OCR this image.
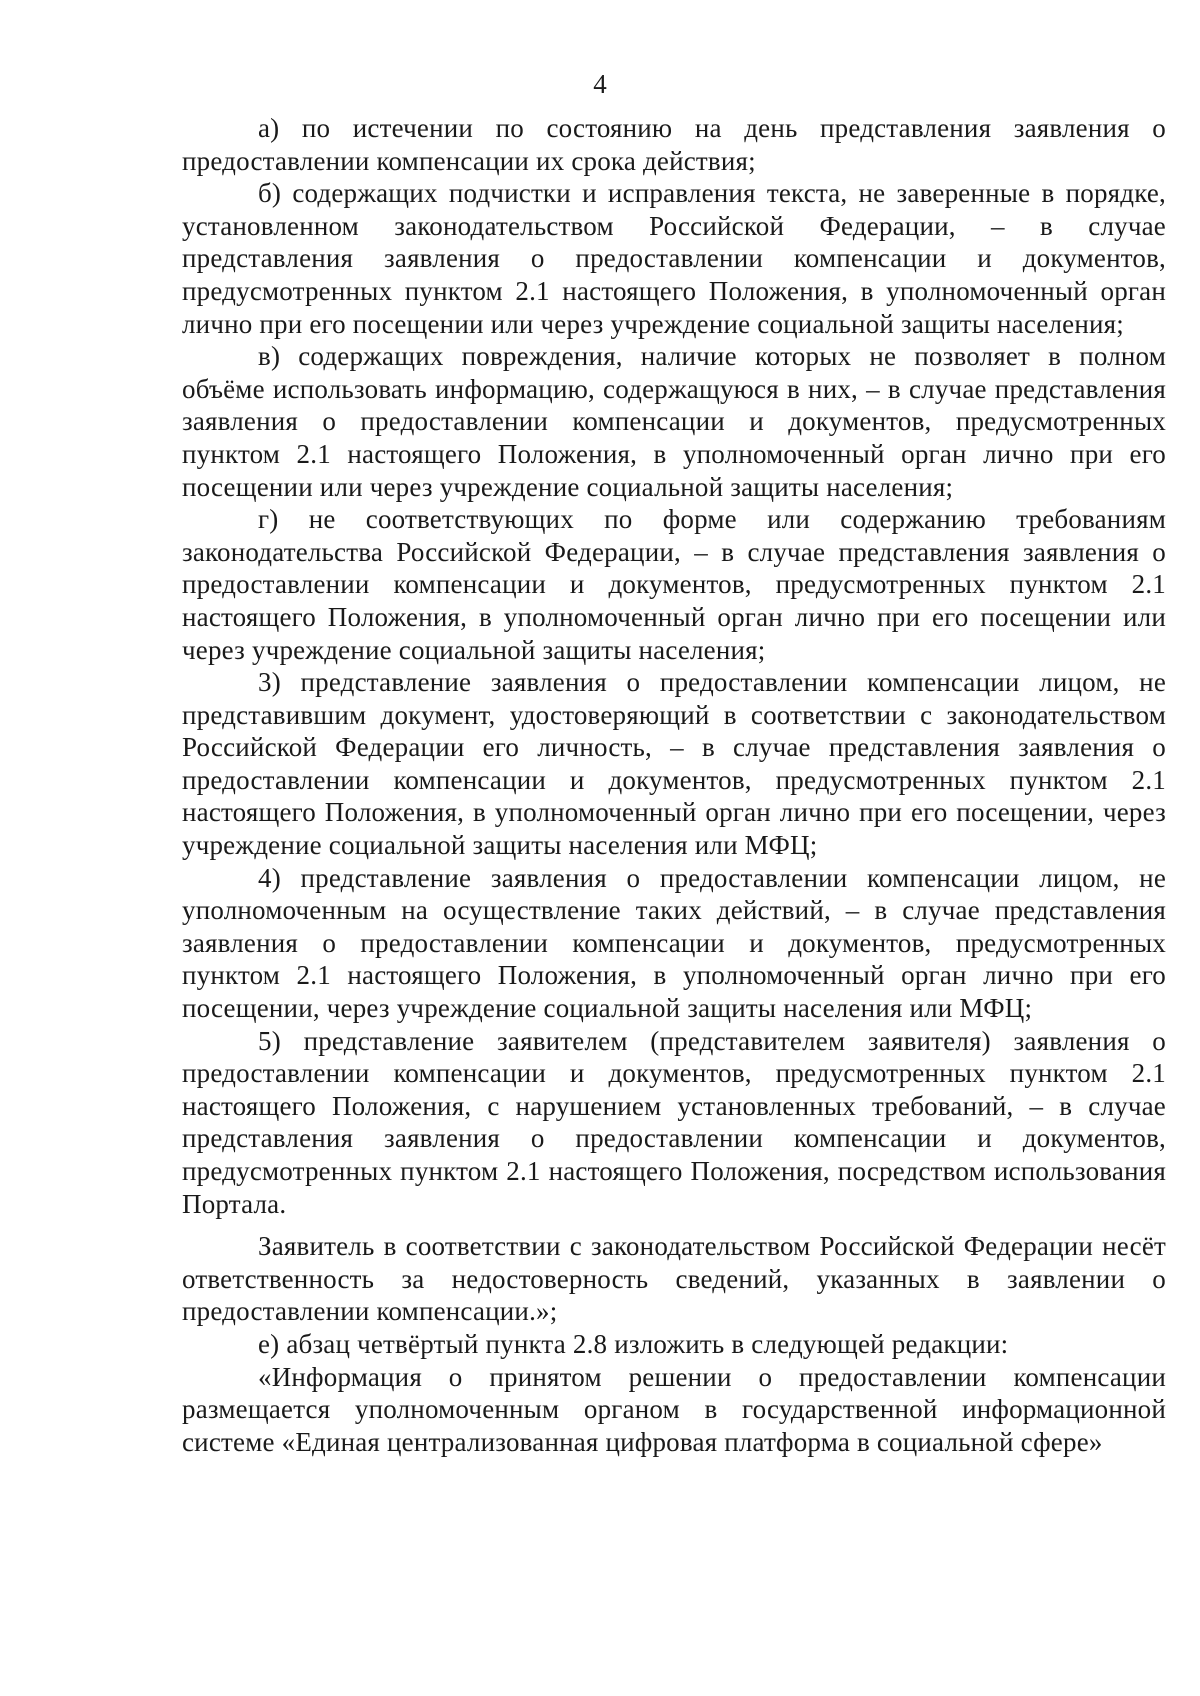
4

а) по истечении по состоянию на день представления заявления о предоставлении компенсации их срока действия;

б) содержащих подчистки и исправления текста, не заверенные в порядке, установленном законодательством Российской Федерации, – в случае представления заявления о предоставлении компенсации и документов, предусмотренных пунктом 2.1 настоящего Положения, в уполномоченный орган лично при его посещении или через учреждение социальной защиты населения;

в) содержащих повреждения, наличие которых не позволяет в полном объёме использовать информацию, содержащуюся в них, – в случае представления заявления о предоставлении компенсации и документов, предусмотренных пунктом 2.1 настоящего Положения, в уполномоченный орган лично при его посещении или через учреждение социальной защиты населения;

г) не соответствующих по форме или содержанию требованиям законодательства Российской Федерации, – в случае представления заявления о предоставлении компенсации и документов, предусмотренных пунктом 2.1 настоящего Положения, в уполномоченный орган лично при его посещении или через учреждение социальной защиты населения;

3) представление заявления о предоставлении компенсации лицом, не представившим документ, удостоверяющий в соответствии с законодательством Российской Федерации его личность, – в случае представления заявления о предоставлении компенсации и документов, предусмотренных пунктом 2.1 настоящего Положения, в уполномоченный орган лично при его посещении, через учреждение социальной защиты населения или МФЦ;

4) представление заявления о предоставлении компенсации лицом, не уполномоченным на осуществление таких действий, – в случае представления заявления о предоставлении компенсации и документов, предусмотренных пунктом 2.1 настоящего Положения, в уполномоченный орган лично при его посещении, через учреждение социальной защиты населения или МФЦ;

5) представление заявителем (представителем заявителя) заявления о предоставлении компенсации и документов, предусмотренных пунктом 2.1 настоящего Положения, с нарушением установленных требований, – в случае представления заявления о предоставлении компенсации и документов, предусмотренных пунктом 2.1 настоящего Положения, посредством использования Портала.

Заявитель в соответствии с законодательством Российской Федерации несёт ответственность за недостоверность сведений, указанных в заявлении о предоставлении компенсации.»;

е) абзац четвёртый пункта 2.8 изложить в следующей редакции:

«Информация о принятом решении о предоставлении компенсации размещается уполномоченным органом в государственной информационной системе «Единая централизованная цифровая платформа в социальной сфере»
